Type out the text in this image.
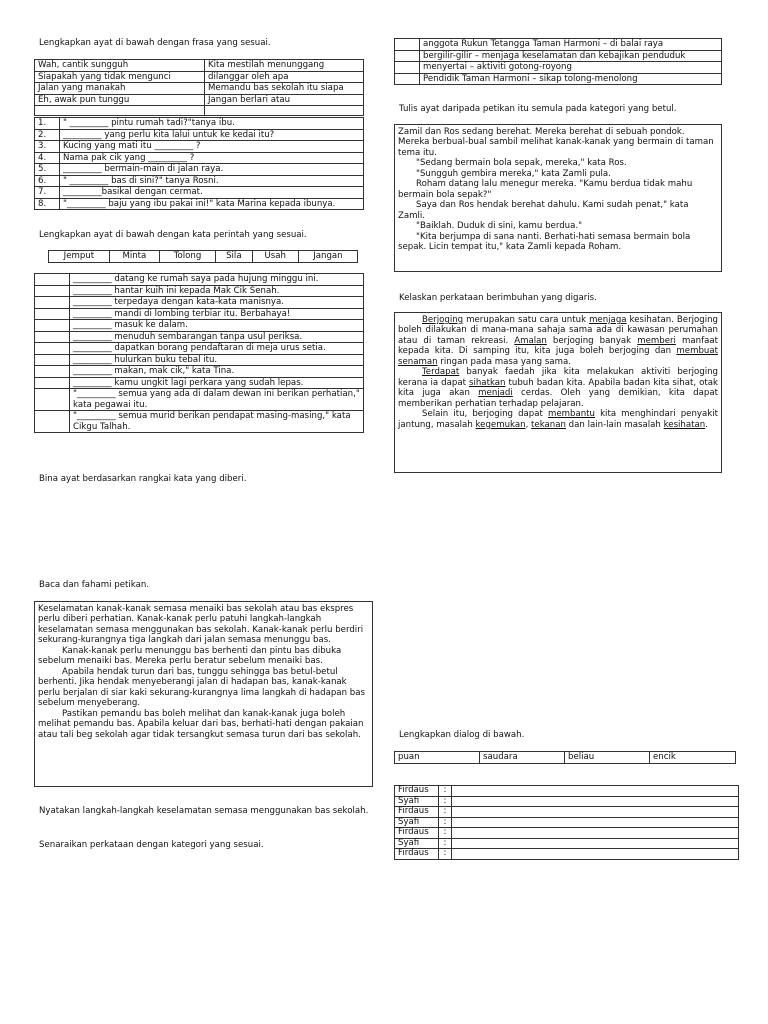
Lengkapkan ayat di bawah dengan frasa yang sesuai.
Wah, cantik sungguh	Kita mestilah menunggang
Siapakah yang tidak mengunci	dilanggar oleh apa
Jalan yang manakah	Memandu bas sekolah itu siapa
Eh, awak pun tunggu	Jangan berlari atau

1.	" _________ pintu rumah tadi?"tanya ibu.
2.	_________ yang perlu kita lalui untuk ke kedai itu?
3.	Kucing yang mati itu _________ ?
4.	Nama pak cik yang _________ ?
5.	_________ bermain-main di jalan raya.
6.	" _________ bas di sini?" tanya Rosni.
7.	_________basikal dengan cermat.
8.	"_________ baju yang ibu pakai ini!" kata Marina kepada ibunya.
Lengkapkan ayat di bawah dengan kata perintah yang sesuai.
Jemput	Minta	Tolong	Sila	Usah	Jangan
	_________ datang ke rumah saya pada hujung minggu ini.
	_________ hantar kuih ini kepada Mak Cik Senah.
	_________ terpedaya dengan kata-kata manisnya.
	_________ mandi di lombing terbiar itu. Berbahaya!
	_________ masuk ke dalam.
	_________ menuduh sembarangan tanpa usul periksa.
	_________ dapatkan borang pendaftaran di meja urus setia.
	_________ hulurkan buku tebal itu.
	_________ makan, mak cik," kata Tina.
	_________ kamu ungkit lagi perkara yang sudah lepas.
	"_________ semua yang ada di dalam dewan ini berikan perhatian," kata pegawai itu.
	"_________ semua murid berikan pendapat masing-masing," kata Cikgu Talhah.
Bina ayat berdasarkan rangkai kata yang diberi.
Baca dan fahami petikan.

Keselamatan kanak-kanak semasa menaiki bas sekolah atau bas ekspres perlu diberi perhatian. Kanak-kanak perlu patuhi langkah-langkah keselamatan semasa menggunakan bas sekolah. Kanak-kanak perlu berdiri sekurang-kurangnya tiga langkah dari jalan semasa menunggu bas.

Kanak-kanak perlu menunggu bas berhenti dan pintu bas dibuka sebelum menaiki bas. Mereka perlu beratur sebelum menaiki bas.

Apabila hendak turun dari bas, tunggu sehingga bas betul-betul berhenti. Jika hendak menyeberangi jalan di hadapan bas, kanak-kanak perlu berjalan di siar kaki sekurang-kurangnya lima langkah di hadapan bas sebelum menyeberang.

Pastikan pemandu bas boleh melihat dan kanak-kanak juga boleh melihat pemandu bas. Apabila keluar dari bas, berhati-hati dengan pakaian atau tali beg sekolah agar tidak tersangkut semasa turun dari bas sekolah.

Nyatakan langkah-langkah keselamatan semasa menggunakan bas sekolah.
Senaraikan perkataan dengan kategori yang sesuai.
	anggota Rukun Tetangga Taman Harmoni – di balai raya
	bergilir-gilir – menjaga keselamatan dan kebajikan penduduk
	menyertai – aktiviti gotong-royong
	Pendidik Taman Harmoni – sikap tolong-menolong
Tulis ayat daripada petikan itu semula pada kategori yang betul.

Zamil dan Ros sedang berehat. Mereka berehat di sebuah pondok. Mereka berbual-bual sambil melihat kanak-kanak yang bermain di taman tema itu.

"Sedang bermain bola sepak, mereka," kata Ros.

"Sungguh gembira mereka," kata Zamli pula.

Roham datang lalu menegur mereka. "Kamu berdua tidak mahu bermain bola sepak?"

Saya dan Ros hendak berehat dahulu. Kami sudah penat," kata Zamli.

"Baiklah. Duduk di sini, kamu berdua."

"Kita berjumpa di sana nanti. Berhati-hati semasa bermain bola sepak. Licin tempat itu," kata Zamli kepada Roham.

Kelaskan perkataan berimbuhan yang digaris.

Berjoging merupakan satu cara untuk menjaga kesihatan. Berjoging boleh dilakukan di mana-mana sahaja sama ada di kawasan perumahan atau di taman rekreasi. Amalan berjoging banyak memberi manfaat kepada kita. Di samping itu, kita juga boleh berjoging dan membuat senaman ringan pada masa yang sama.

Terdapat banyak faedah jika kita melakukan aktiviti berjoging kerana ia dapat sihatkan tubuh badan kita. Apabila badan kita sihat, otak kita juga akan menjadi cerdas. Oleh yang demikian, kita dapat memberikan perhatian terhadap pelajaran.

Selain itu, berjoging dapat membantu kita menghindari penyakit jantung, masalah kegemukan, tekanan dan lain-lain masalah kesihatan.

Lengkapkan dialog di bawah.
puan	saudara	beliau	encik
Firdaus	:	
Syafi	:	
Firdaus	:	
Syafi	:	
Firdaus	:	
Syafi	:	
Firdaus	:	
